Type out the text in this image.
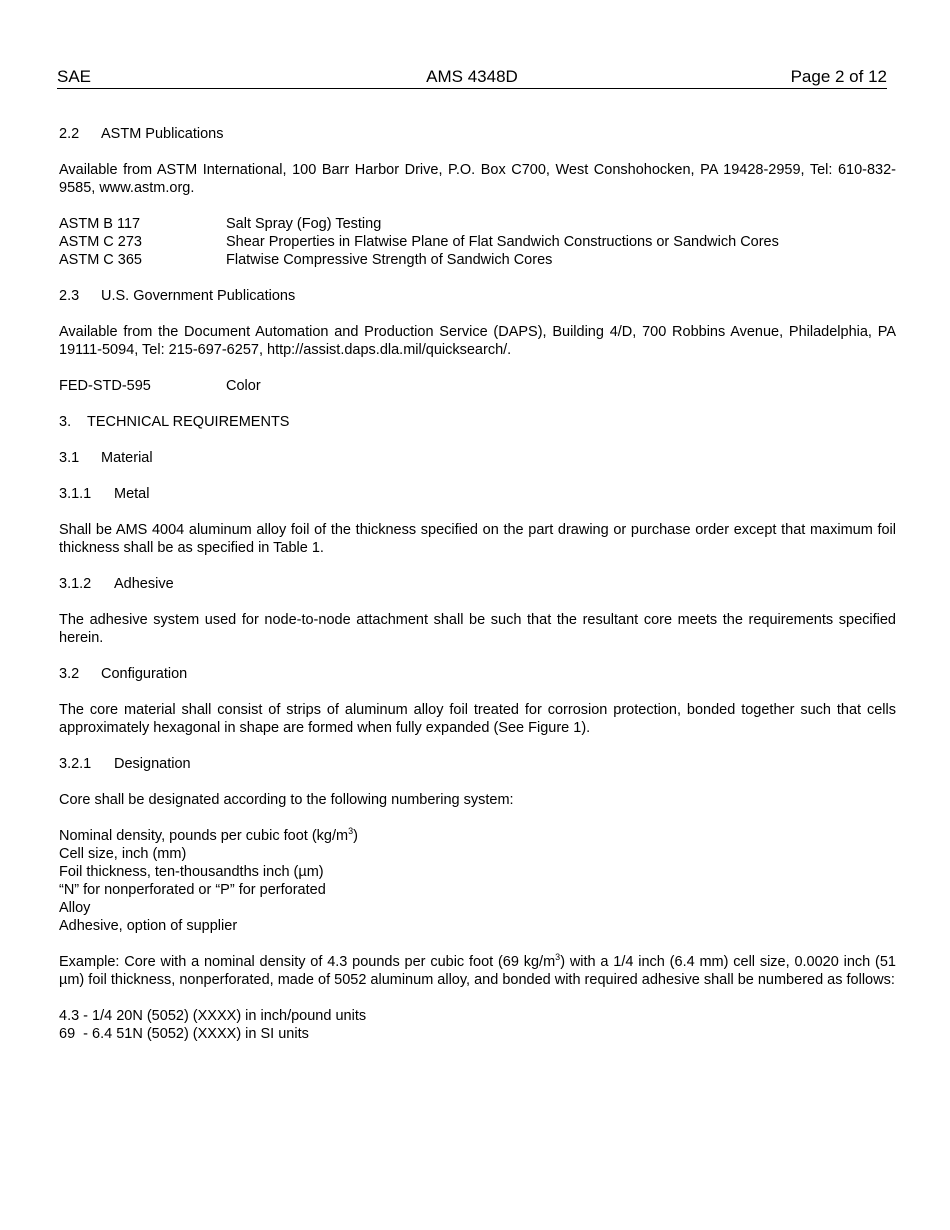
SAE	AMS 4348D	Page 2 of 12
2.2 ASTM Publications

Available from ASTM International, 100 Barr Harbor Drive, P.O. Box C700, West Conshohocken, PA 19428-2959, Tel: 610-832-9585, www.astm.org.

ASTM B 117	Salt Spray (Fog) Testing
ASTM C 273	Shear Properties in Flatwise Plane of Flat Sandwich Constructions or Sandwich Cores
ASTM C 365	Flatwise Compressive Strength of Sandwich Cores
2.3 U.S. Government Publications

Available from the Document Automation and Production Service (DAPS), Building 4/D, 700 Robbins Avenue, Philadelphia, PA 19111-5094, Tel: 215-697-6257, http://assist.daps.dla.mil/quicksearch/.

FED-STD-595	Color
3. TECHNICAL REQUIREMENTS
3.1 Material
3.1.1 Metal

Shall be AMS 4004 aluminum alloy foil of the thickness specified on the part drawing or purchase order except that maximum foil thickness shall be as specified in Table 1.

3.1.2 Adhesive

The adhesive system used for node-to-node attachment shall be such that the resultant core meets the requirements specified herein.

3.2 Configuration

The core material shall consist of strips of aluminum alloy foil treated for corrosion protection, bonded together such that cells approximately hexagonal in shape are formed when fully expanded (See Figure 1).

3.2.1 Designation

Core shall be designated according to the following numbering system:

Nominal density, pounds per cubic foot $(kg/m^3)$
Cell size, inch (mm)
Foil thickness, ten-thousandths inch (µm)
“N” for nonperforated or “P” for perforated
Alloy
Adhesive, option of supplier

Example: Core with a nominal density of 4.3 pounds per cubic foot (69 $kg/m^3$) with a 1/4 inch (6.4 mm) cell size, 0.0020 inch (51 µm) foil thickness, nonperforated, made of 5052 aluminum alloy, and bonded with required adhesive shall be numbered as follows:

4.3 - 1/4 20N (5052) (XXXX) in inch/pound units
69  - 6.4 51N (5052) (XXXX) in SI units
